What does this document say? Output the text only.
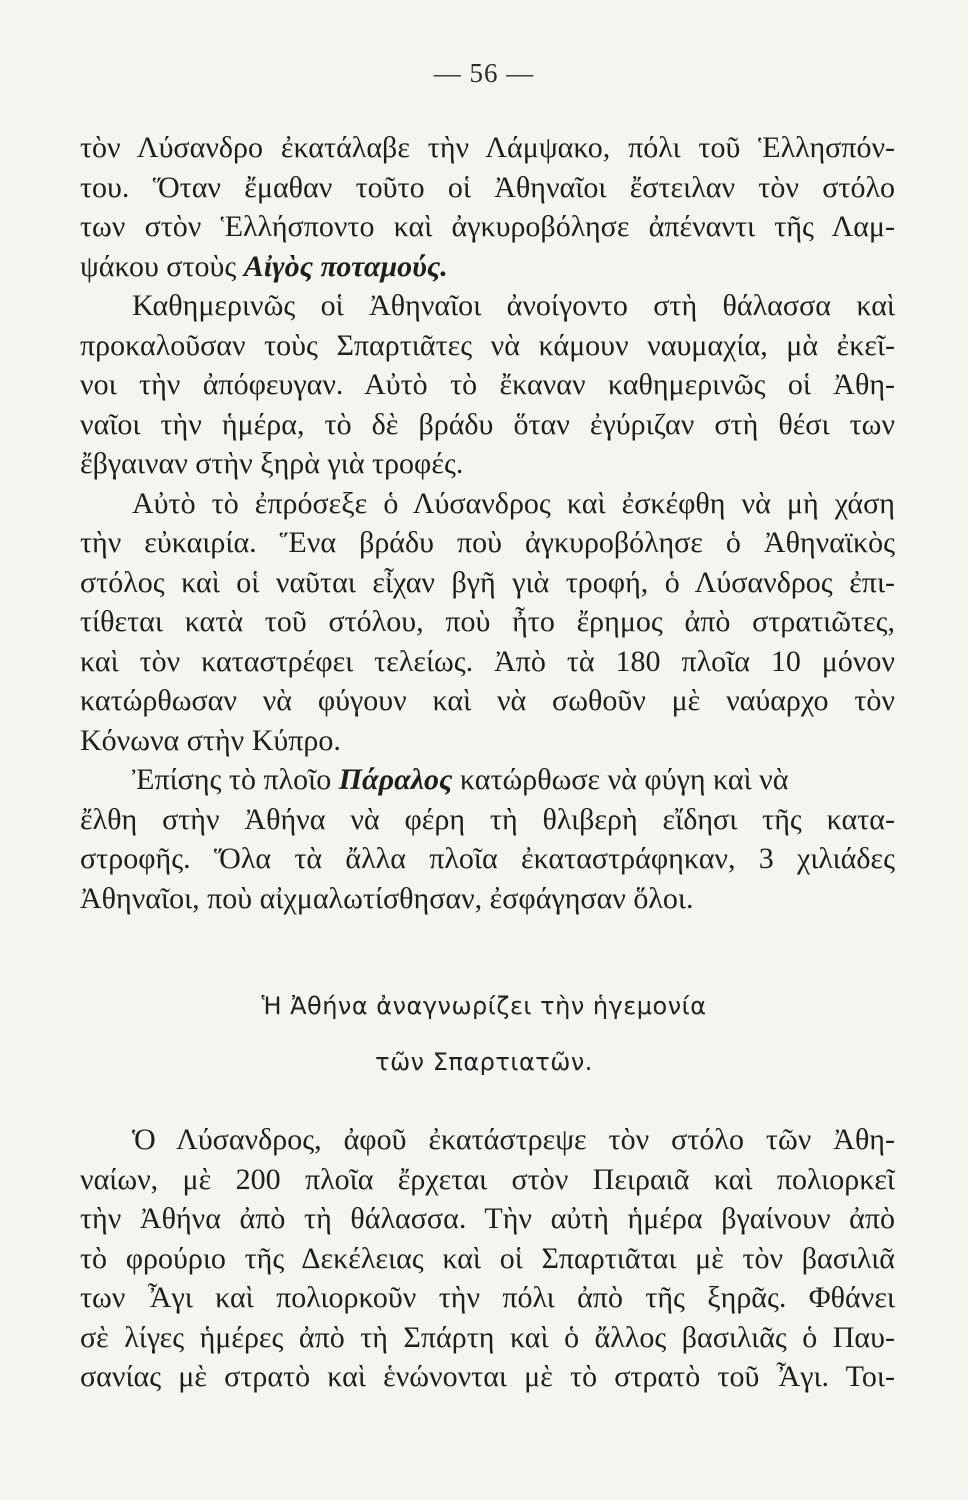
— 56 —
τὸν Λύσανδρο ἐκατάλαβε τὴν Λάμψακο, πόλι τοῦ Ἑλλησπόν-
του. Ὅταν ἔμαθαν τοῦτο οἱ Ἀθηναῖοι ἔστειλαν τὸν στόλο
των στὸν Ἑλλήσποντο καὶ ἀγκυροβόλησε ἀπέναντι τῆς Λαμ-
ψάκου στοὺς Αἰγὸς ποταμούς.
Καθημερινῶς οἱ Ἀθηναῖοι ἀνοίγοντο στὴ θάλασσα καὶ
προκαλοῦσαν τοὺς Σπαρτιᾶτες νὰ κάμουν ναυμαχία, μὰ ἐκεῖ-
νοι τὴν ἀπόφευγαν. Αὐτὸ τὸ ἔκαναν καθημερινῶς οἱ Ἀθη-
ναῖοι τὴν ἡμέρα, τὸ δὲ βράδυ ὅταν ἐγύριζαν στὴ θέσι των
ἔβγαιναν στὴν ξηρὰ γιὰ τροφές.
Αὐτὸ τὸ ἐπρόσεξε ὁ Λύσανδρος καὶ ἐσκέφθη νὰ μὴ χάση
τὴν εὐκαιρία. Ἕνα βράδυ ποὺ ἀγκυροβόλησε ὁ Ἀθηναϊκὸς
στόλος καὶ οἱ ναῦται εἶχαν βγῆ γιὰ τροφή, ὁ Λύσανδρος ἐπι-
τίθεται κατὰ τοῦ στόλου, ποὺ ἦτο ἔρημος ἀπὸ στρατιῶτες,
καὶ τὸν καταστρέφει τελείως. Ἀπὸ τὰ 180 πλοῖα 10 μόνον
κατώρθωσαν νὰ φύγουν καὶ νὰ σωθοῦν μὲ ναύαρχο τὸν
Κόνωνα στὴν Κύπρο.
Ἐπίσης τὸ πλοῖο Πάραλος κατώρθωσε νὰ φύγη καὶ νὰ
ἔλθη στὴν Ἀθήνα νὰ φέρη τὴ θλιβερὴ εἴδησι τῆς κατα-
στροφῆς. Ὅλα τὰ ἄλλα πλοῖα ἐκαταστράφηκαν, 3 χιλιάδες
Ἀθηναῖοι, ποὺ αἰχμαλωτίσθησαν, ἐσφάγησαν ὅλοι.
Ἡ Ἀθήνα ἀναγνωρίζει τὴν ἡγεμονία
τῶν Σπαρτιατῶν.
Ὁ Λύσανδρος, ἀφοῦ ἐκατάστρεψε τὸν στόλο τῶν Ἀθη-
ναίων, μὲ 200 πλοῖα ἔρχεται στὸν Πειραιᾶ καὶ πολιορκεῖ
τὴν Ἀθήνα ἀπὸ τὴ θάλασσα. Τὴν αὐτὴ ἡμέρα βγαίνουν ἀπὸ
τὸ φρούριο τῆς Δεκέλειας καὶ οἱ Σπαρτιᾶται μὲ τὸν βασιλιᾶ
των Ἆγι καὶ πολιορκοῦν τὴν πόλι ἀπὸ τῆς ξηρᾶς. Φθάνει
σὲ λίγες ἡμέρες ἀπὸ τὴ Σπάρτη καὶ ὁ ἄλλος βασιλιᾶς ὁ Παυ-
σανίας μὲ στρατὸ καὶ ἑνώνονται μὲ τὸ στρατὸ τοῦ Ἆγι. Τοι-
